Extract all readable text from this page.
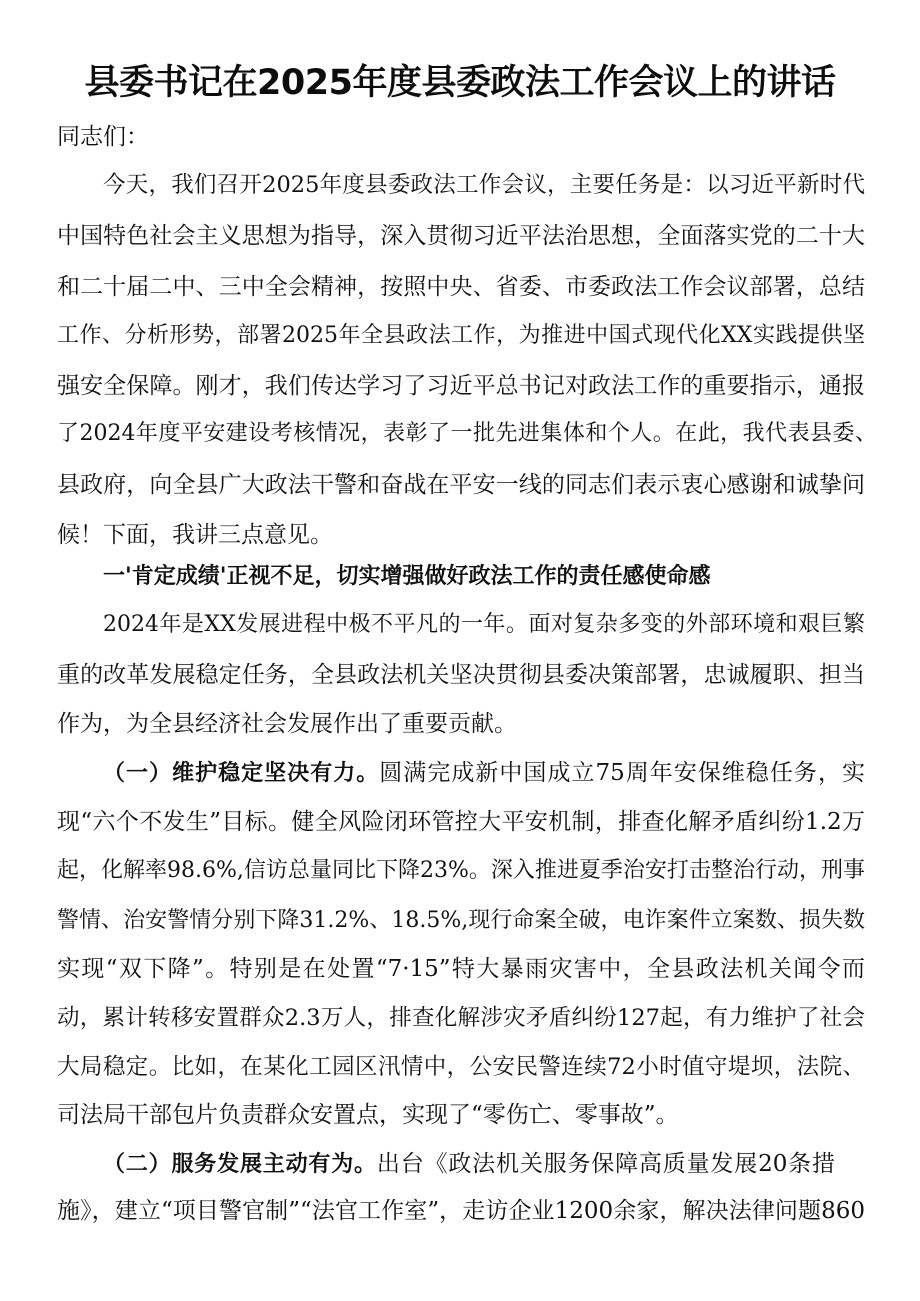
县委书记在2025年度县委政法工作会议上的讲话

同志们：

今天，我们召开2025年度县委政法工作会议，主要任务是：以习近平新时代

中国特色社会主义思想为指导，深入贯彻习近平法治思想，全面落实党的二十大

和二十届二中、三中全会精神，按照中央、省委、市委政法工作会议部署，总结

工作、分析形势，部署2025年全县政法工作，为推进中国式现代化XX实践提供坚

强安全保障。刚才，我们传达学习了习近平总书记对政法工作的重要指示，通报

了2024年度平安建设考核情况，表彰了一批先进集体和个人。在此，我代表县委、

县政府，向全县广大政法干警和奋战在平安一线的同志们表示衷心感谢和诚挚问

候！下面，我讲三点意见。

一'肯定成绩'正视不足，切实增强做好政法工作的责任感使命感

2024年是XX发展进程中极不平凡的一年。面对复杂多变的外部环境和艰巨繁

重的改革发展稳定任务，全县政法机关坚决贯彻县委决策部署，忠诚履职、担当

作为，为全县经济社会发展作出了重要贡献。

（一）维护稳定坚决有力。圆满完成新中国成立75周年安保维稳任务，实

现“六个不发生”目标。健全风险闭环管控大平安机制，排查化解矛盾纠纷1.2万

起，化解率98.6%,信访总量同比下降23%。深入推进夏季治安打击整治行动，刑事

警情、治安警情分别下降31.2%、18.5%,现行命案全破，电诈案件立案数、损失数

实现“双下降”。特别是在处置“7·15”特大暴雨灾害中，全县政法机关闻令而

动，累计转移安置群众2.3万人，排查化解涉灾矛盾纠纷127起，有力维护了社会

大局稳定。比如，在某化工园区汛情中，公安民警连续72小时值守堤坝，法院、

司法局干部包片负责群众安置点，实现了“零伤亡、零事故”。

（二）服务发展主动有为。出台《政法机关服务保障高质量发展20条措

施》，建立“项目警官制”“法官工作室”，走访企业1200余家，解决法律问题860
